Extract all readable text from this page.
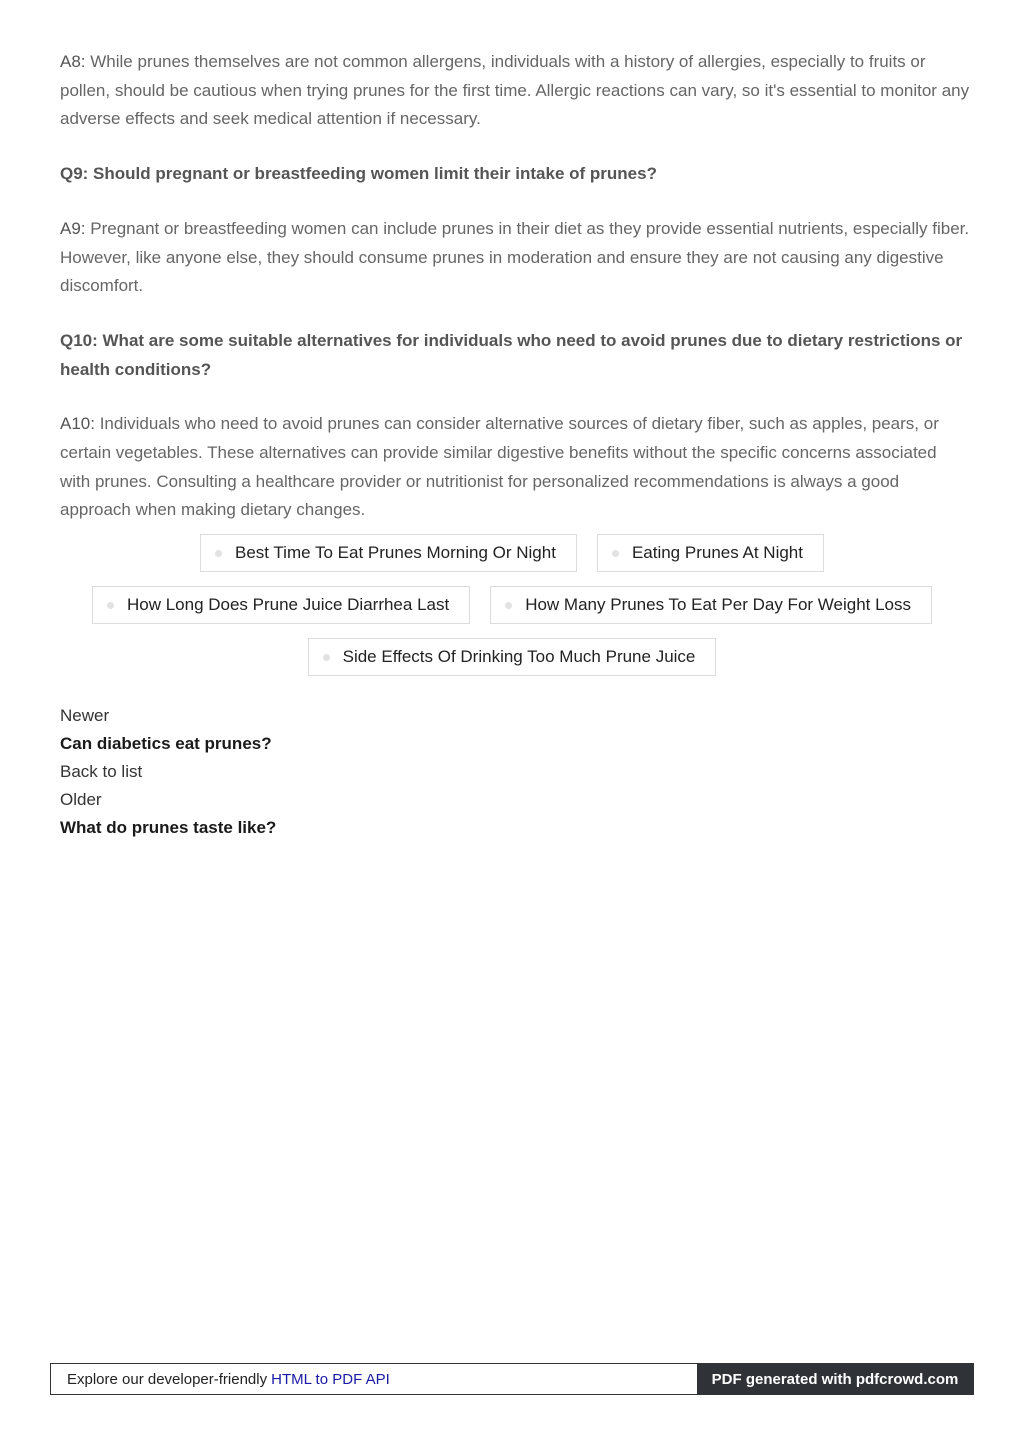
A8: While prunes themselves are not common allergens, individuals with a history of allergies, especially to fruits or pollen, should be cautious when trying prunes for the first time. Allergic reactions can vary, so it's essential to monitor any adverse effects and seek medical attention if necessary.

Q9: Should pregnant or breastfeeding women limit their intake of prunes?

A9: Pregnant or breastfeeding women can include prunes in their diet as they provide essential nutrients, especially fiber. However, like anyone else, they should consume prunes in moderation and ensure they are not causing any digestive discomfort.

Q10: What are some suitable alternatives for individuals who need to avoid prunes due to dietary restrictions or health conditions?

A10: Individuals who need to avoid prunes can consider alternative sources of dietary fiber, such as apples, pears, or certain vegetables. These alternatives can provide similar digestive benefits without the specific concerns associated with prunes. Consulting a healthcare provider or nutritionist for personalized recommendations is always a good approach when making dietary changes.

Best Time To Eat Prunes Morning Or Night	Eating Prunes At Night
How Long Does Prune Juice Diarrhea Last	How Many Prunes To Eat Per Day For Weight Loss
Side Effects Of Drinking Too Much Prune Juice
Newer
Can diabetics eat prunes?
Back to list
Older
What do prunes taste like?
Explore our developer-friendly HTML to PDF API	PDF generated with pdfcrowd.com
